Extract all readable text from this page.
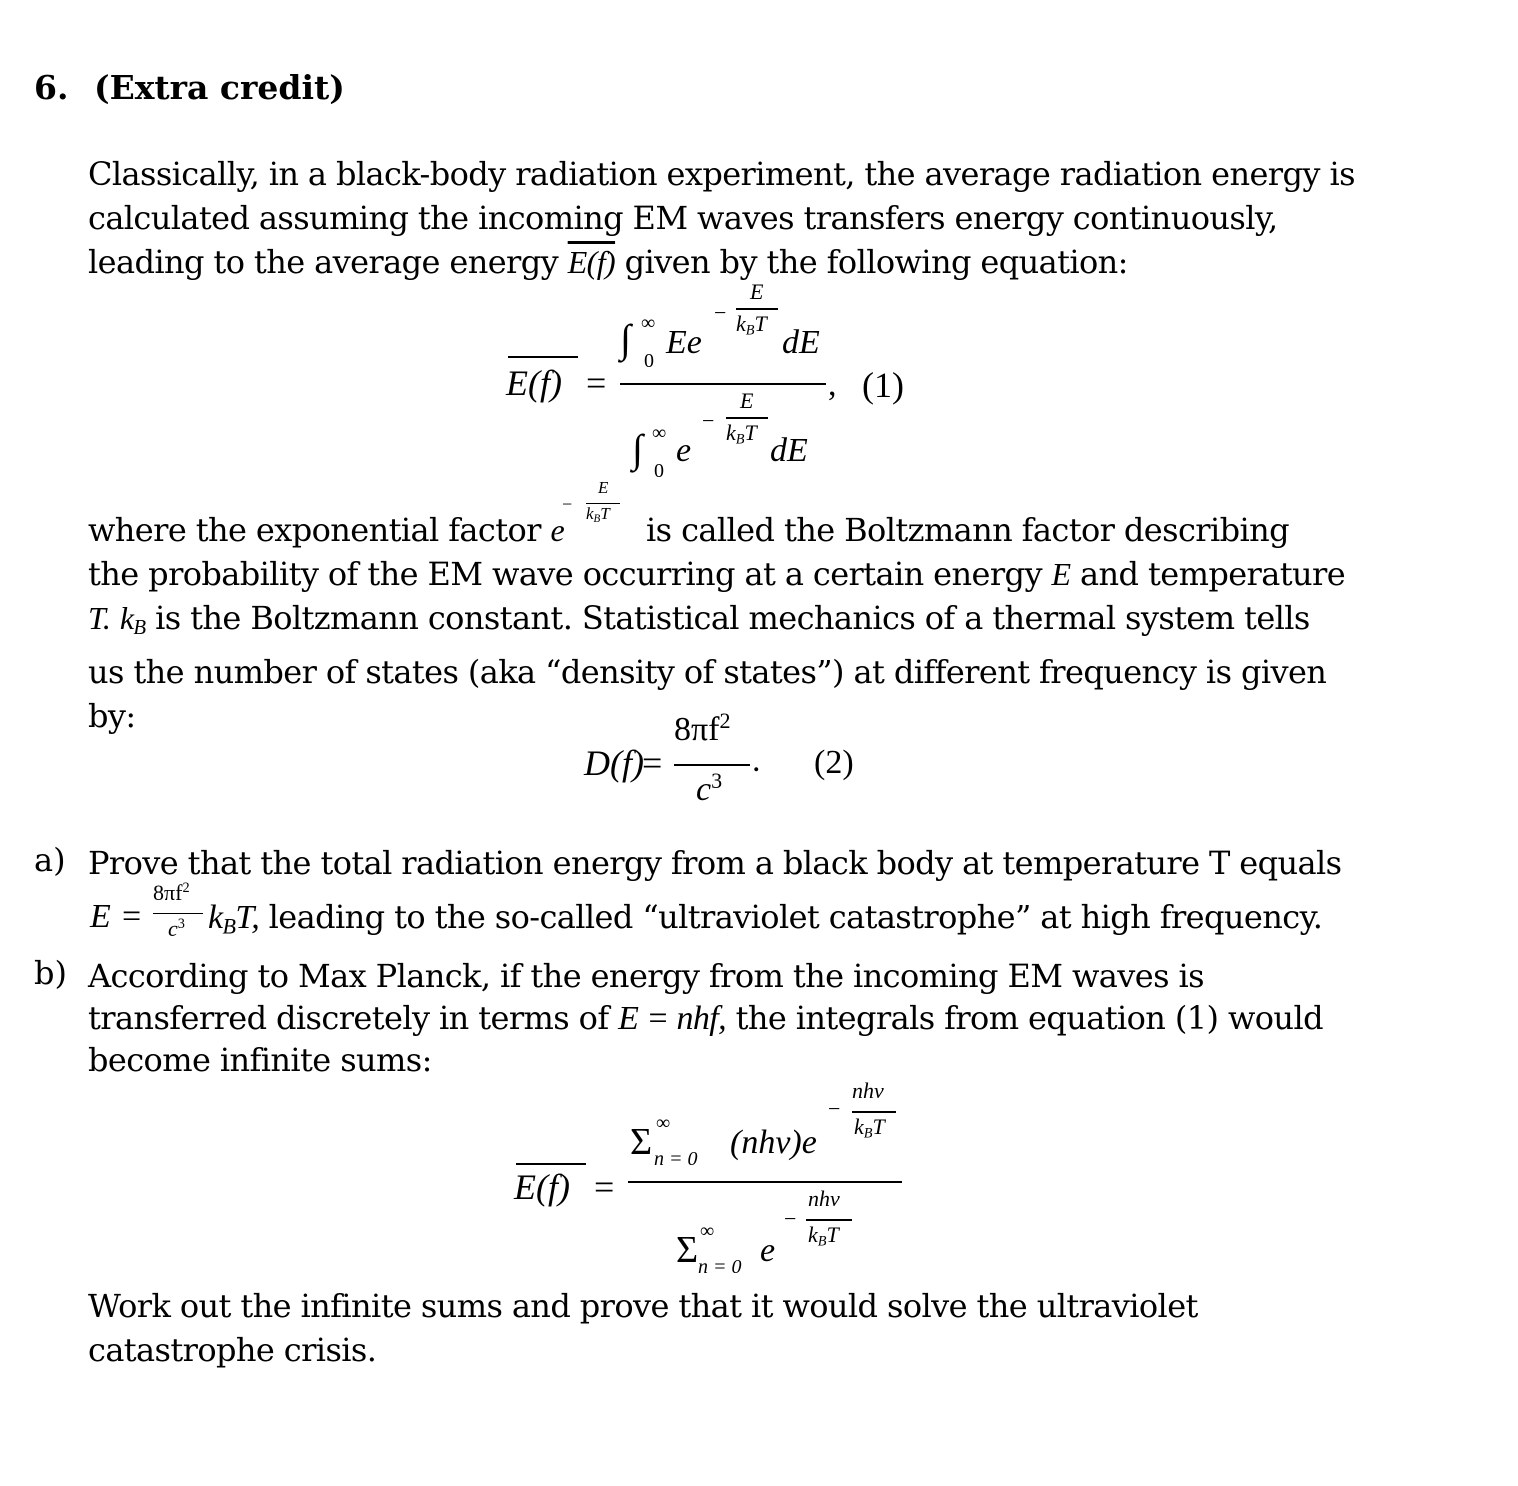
6. (Extra credit)
Classically, in a black-body radiation experiment, the average radiation energy is calculated assuming the incoming EM waves transfers energy continuously, leading to the average energy E(f) given by the following equation:
E(f) =
∫ ∞
0 Ee
−
E
$k_BT$
dE
E
− $k_BT$
∫ ∞
0
e dE
, (1)
−
E
$k_BT$
where the exponential factor e	is called the Boltzmann factor describing the probability of the EM wave occurring at a certain energy E and temperature T. $k_B$ is the Boltzmann constant. Statistical mechanics of a thermal system tells us the number of states (aka “density of states”) at different frequency is given by:
D(f)
=
$8\pi f^2$
$c^3$
. (2)
a) Prove that the total radiation energy from a black body at temperature T equals
E =
$8\pi f^2$
$c^3$ $k_BT$, leading to the so-called “ultraviolet catastrophe” at high frequency.
b) According to Max Planck, if the energy from the incoming EM waves is
transferred discretely in terms of E = nhf, the integrals from equation (1) would
become infinite sums:
E(f) =
Σ ∞
n = 0 (nhν)e
−
nhν
$k_BT$
nhν
−
$k_BT$
Σ ∞
n = 0 e
Work out the infinite sums and prove that it would solve the ultraviolet catastrophe crisis.
